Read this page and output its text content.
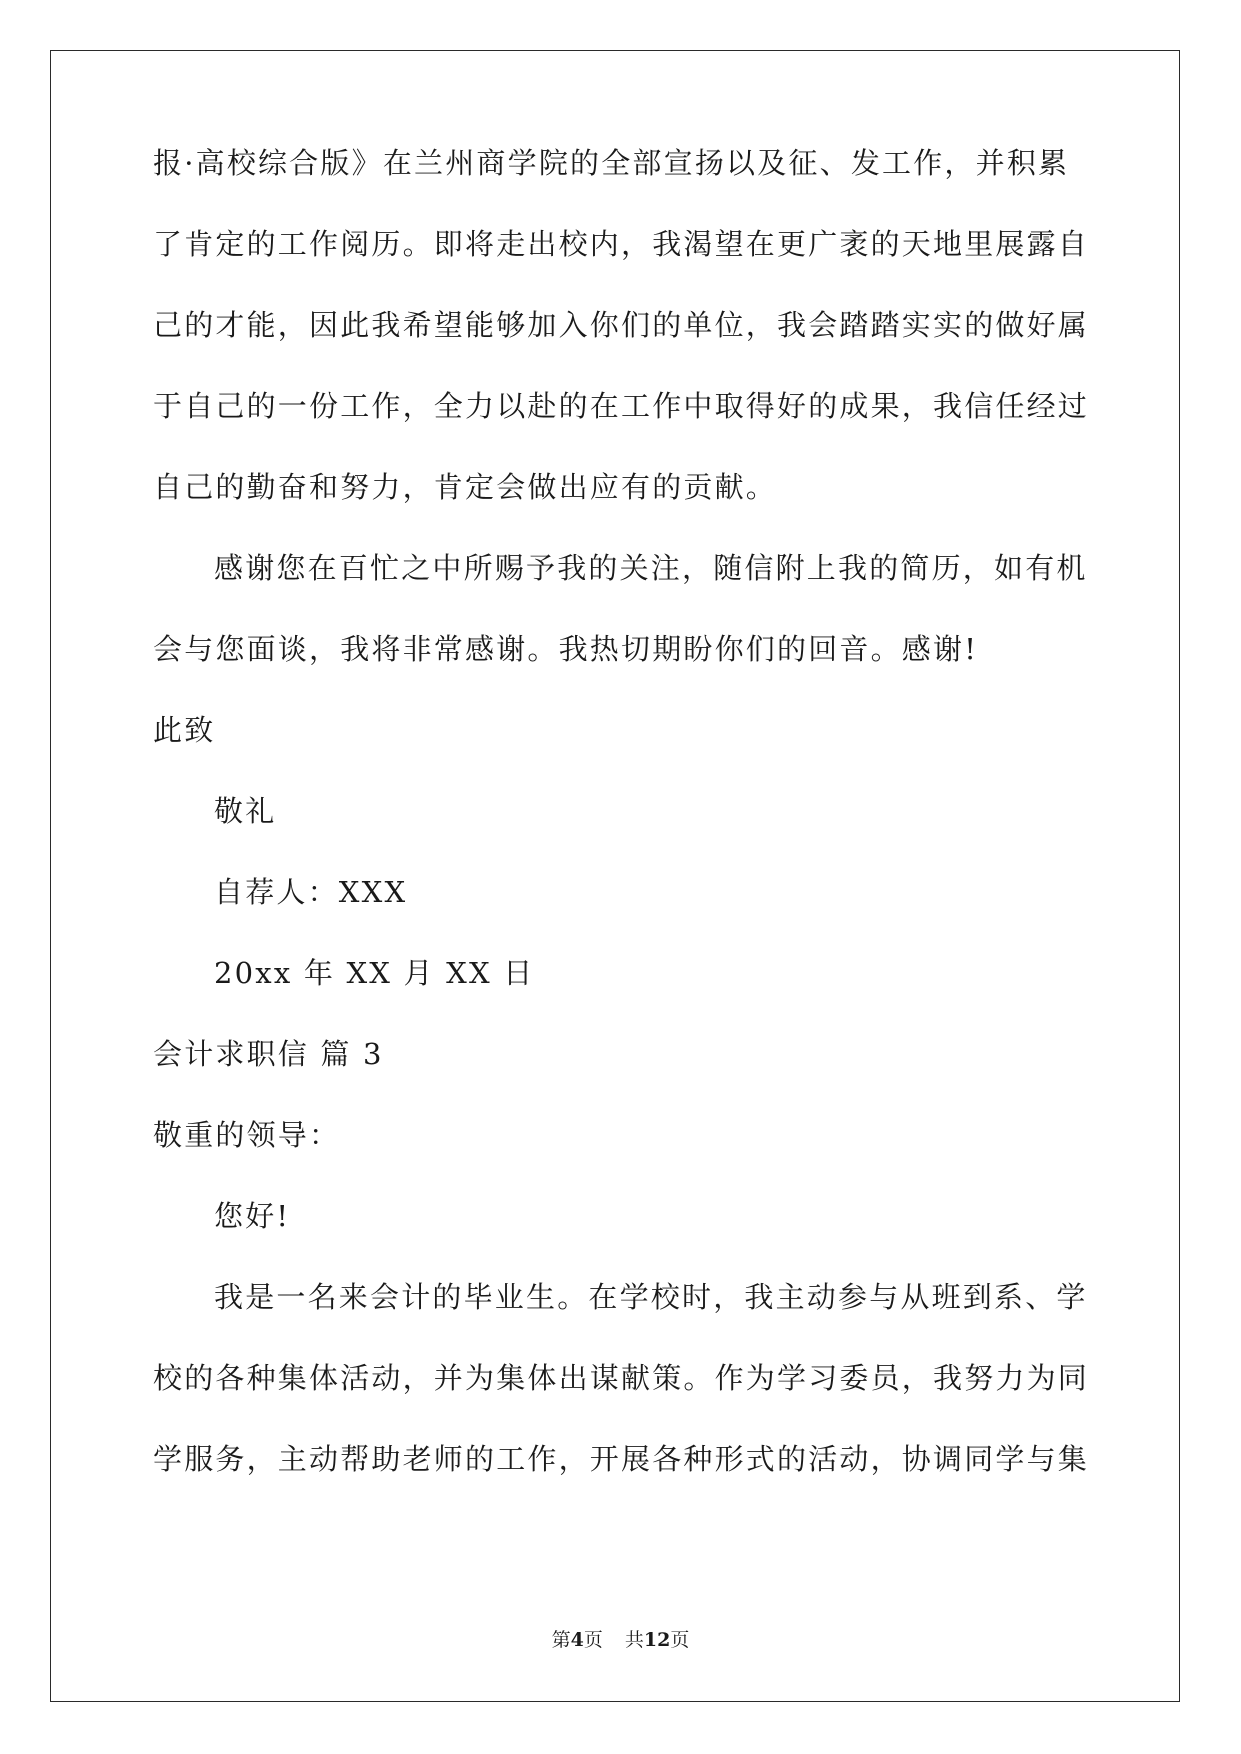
报·高校综合版》在兰州商学院的全部宣扬以及征、发工作，并积累
了肯定的工作阅历。即将走出校内，我渴望在更广袤的天地里展露自
己的才能，因此我希望能够加入你们的单位，我会踏踏实实的做好属
于自己的一份工作，全力以赴的在工作中取得好的成果，我信任经过
自己的勤奋和努力，肯定会做出应有的贡献。
感谢您在百忙之中所赐予我的关注，随信附上我的简历，如有机
会与您面谈，我将非常感谢。我热切期盼你们的回音。感谢!
此致
敬礼
自荐人：XXX
20xx 年 XX 月 XX 日
会计求职信 篇 3
敬重的领导：
您好!
我是一名来会计的毕业生。在学校时，我主动参与从班到系、学
校的各种集体活动，并为集体出谋献策。作为学习委员，我努力为同
学服务，主动帮助老师的工作，开展各种形式的活动，协调同学与集
第4页 共12页
